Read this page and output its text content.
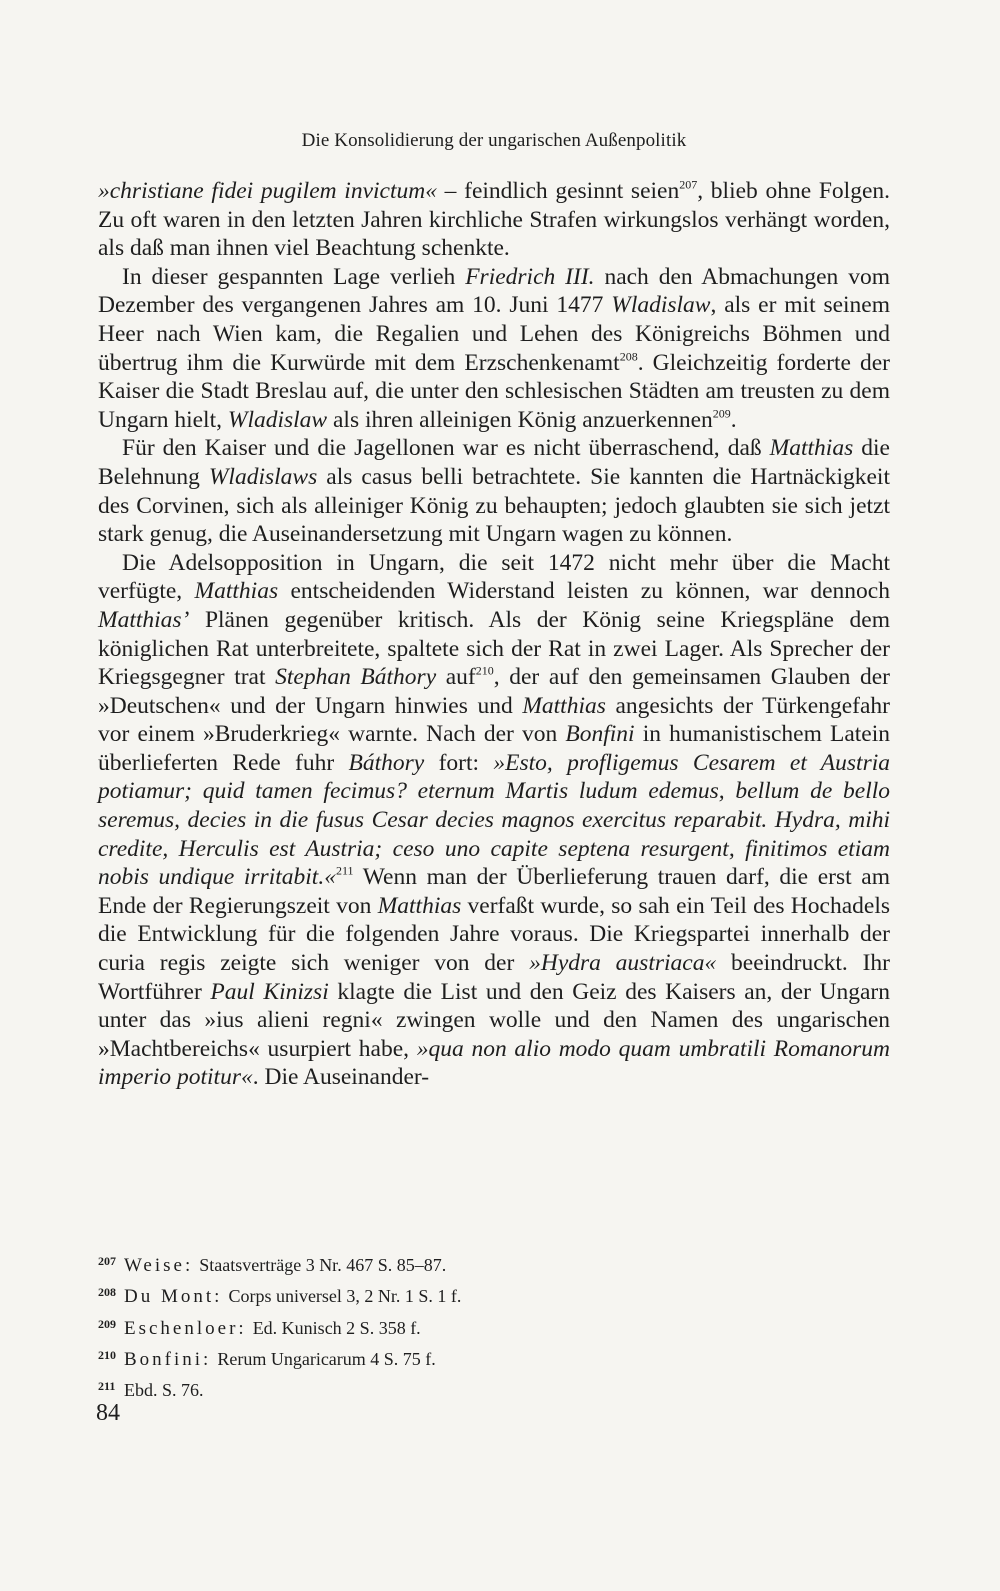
Die Konsolidierung der ungarischen Außenpolitik

»christiane fidei pugilem invictum« – feindlich gesinnt seien$^{207}$, blieb ohne Folgen. Zu oft waren in den letzten Jahren kirchliche Strafen wirkungslos verhängt worden, als daß man ihnen viel Beachtung schenkte.

In dieser gespannten Lage verlieh Friedrich III. nach den Abmachungen vom Dezember des vergangenen Jahres am 10. Juni 1477 Wladislaw, als er mit seinem Heer nach Wien kam, die Regalien und Lehen des Königreichs Böhmen und übertrug ihm die Kurwürde mit dem Erzschenkenamt$^{208}$. Gleichzeitig forderte der Kaiser die Stadt Breslau auf, die unter den schlesischen Städten am treusten zu dem Ungarn hielt, Wladislaw als ihren alleinigen König anzuerkennen$^{209}$.

Für den Kaiser und die Jagellonen war es nicht überraschend, daß Matthias die Belehnung Wladislaws als casus belli betrachtete. Sie kannten die Hartnäckigkeit des Corvinen, sich als alleiniger König zu behaupten; jedoch glaubten sie sich jetzt stark genug, die Auseinandersetzung mit Ungarn wagen zu können.

Die Adelsopposition in Ungarn, die seit 1472 nicht mehr über die Macht verfügte, Matthias entscheidenden Widerstand leisten zu können, war dennoch Matthias’ Plänen gegenüber kritisch. Als der König seine Kriegspläne dem königlichen Rat unterbreitete, spaltete sich der Rat in zwei Lager. Als Sprecher der Kriegsgegner trat Stephan Báthory auf$^{210}$, der auf den gemeinsamen Glauben der »Deutschen« und der Ungarn hinwies und Matthias angesichts der Türkengefahr vor einem »Bruderkrieg« warnte. Nach der von Bonfini in humanistischem Latein überlieferten Rede fuhr Báthory fort: »Esto, profligemus Cesarem et Austria potiamur; quid tamen fecimus? eternum Martis ludum edemus, bellum de bello seremus, decies in die fusus Cesar decies magnos exercitus reparabit. Hydra, mihi credite, Herculis est Austria; ceso uno capite septena resurgent, finitimos etiam nobis undique irritabit.«$^{211}$ Wenn man der Überlieferung trauen darf, die erst am Ende der Regierungszeit von Matthias verfaßt wurde, so sah ein Teil des Hochadels die Entwicklung für die folgenden Jahre voraus. Die Kriegspartei innerhalb der curia regis zeigte sich weniger von der »Hydra austriaca« beeindruckt. Ihr Wortführer Paul Kinizsi klagte die List und den Geiz des Kaisers an, der Ungarn unter das »ius alieni regni« zwingen wolle und den Namen des ungarischen »Machtbereichs« usurpiert habe, »qua non alio modo quam umbratili Romanorum imperio potitur«. Die Auseinander-

207 Weise: Staatsverträge 3 Nr. 467 S. 85–87.
208 Du Mont: Corps universel 3, 2 Nr. 1 S. 1 f.
209 Eschenloer: Ed. Kunisch 2 S. 358 f.
210 Bonfini: Rerum Ungaricarum 4 S. 75 f.
211 Ebd. S. 76.
84
